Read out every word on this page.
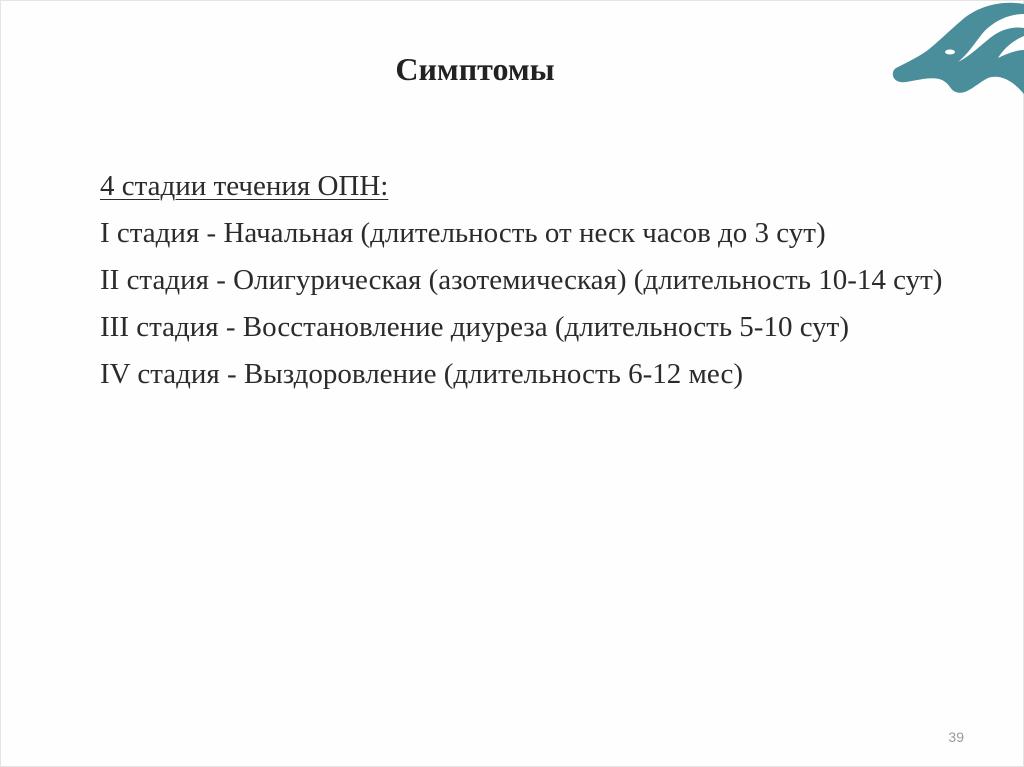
Симптомы

4 стадии течения ОПН:

I стадия - Начальная (длительность от неск часов до 3 сут)

II стадия - Олигурическая (азотемическая) (длительность 10-14 сут)

III стадия - Восстановление диуреза (длительность 5-10 сут)

IV стадия - Выздоровление (длительность 6-12 мес)

39
